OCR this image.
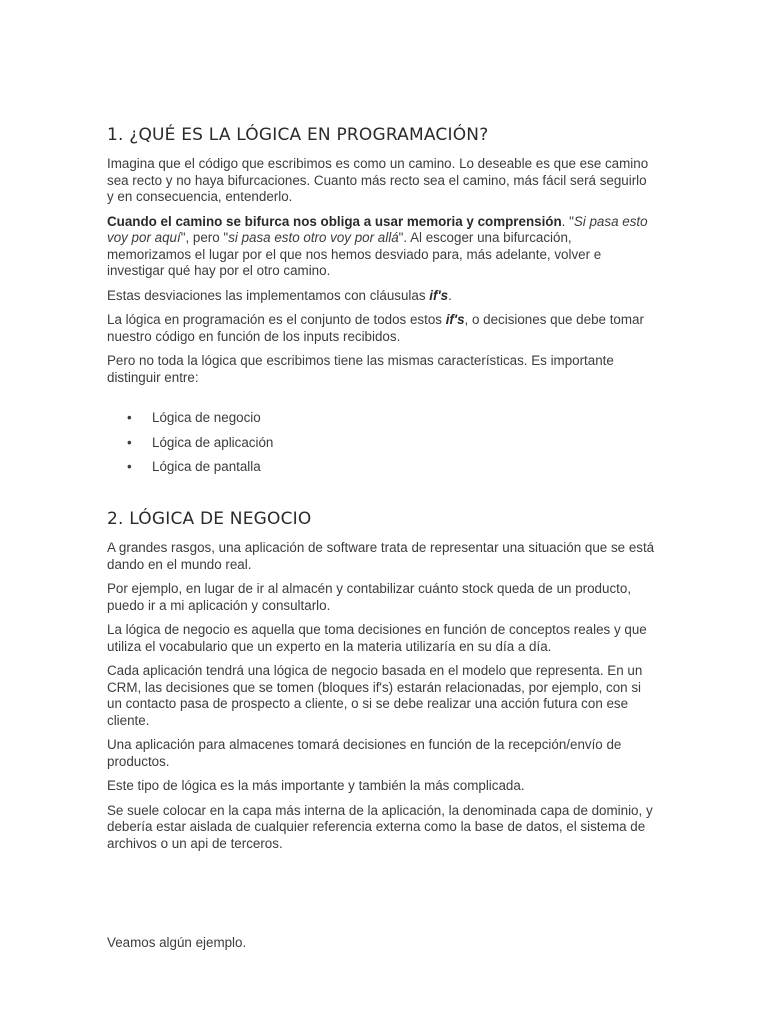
1. ¿QUÉ ES LA LÓGICA EN PROGRAMACIÓN?

Imagina que el código que escribimos es como un camino. Lo deseable es que ese camino sea recto y no haya bifurcaciones. Cuanto más recto sea el camino, más fácil será seguirlo y en consecuencia, entenderlo.

Cuando el camino se bifurca nos obliga a usar memoria y comprensión. "Si pasa esto voy por aquí", pero "si pasa esto otro voy por allá". Al escoger una bifurcación, memorizamos el lugar por el que nos hemos desviado para, más adelante, volver e investigar qué hay por el otro camino.

Estas desviaciones las implementamos con cláusulas if's.

La lógica en programación es el conjunto de todos estos if's, o decisiones que debe tomar nuestro código en función de los inputs recibidos.

Pero no toda la lógica que escribimos tiene las mismas características. Es importante distinguir entre:

• Lógica de negocio
• Lógica de aplicación
• Lógica de pantalla
2. LÓGICA DE NEGOCIO

A grandes rasgos, una aplicación de software trata de representar una situación que se está dando en el mundo real.

Por ejemplo, en lugar de ir al almacén y contabilizar cuánto stock queda de un producto, puedo ir a mi aplicación y consultarlo.

La lógica de negocio es aquella que toma decisiones en función de conceptos reales y que utiliza el vocabulario que un experto en la materia utilizaría en su día a día.

Cada aplicación tendrá una lógica de negocio basada en el modelo que representa. En un CRM, las decisiones que se tomen (bloques if's) estarán relacionadas, por ejemplo, con si un contacto pasa de prospecto a cliente, o si se debe realizar una acción futura con ese cliente.

Una aplicación para almacenes tomará decisiones en función de la recepción/envío de productos.

Este tipo de lógica es la más importante y también la más complicada.

Se suele colocar en la capa más interna de la aplicación, la denominada capa de dominio, y debería estar aislada de cualquier referencia externa como la base de datos, el sistema de archivos o un api de terceros.

Veamos algún ejemplo.
